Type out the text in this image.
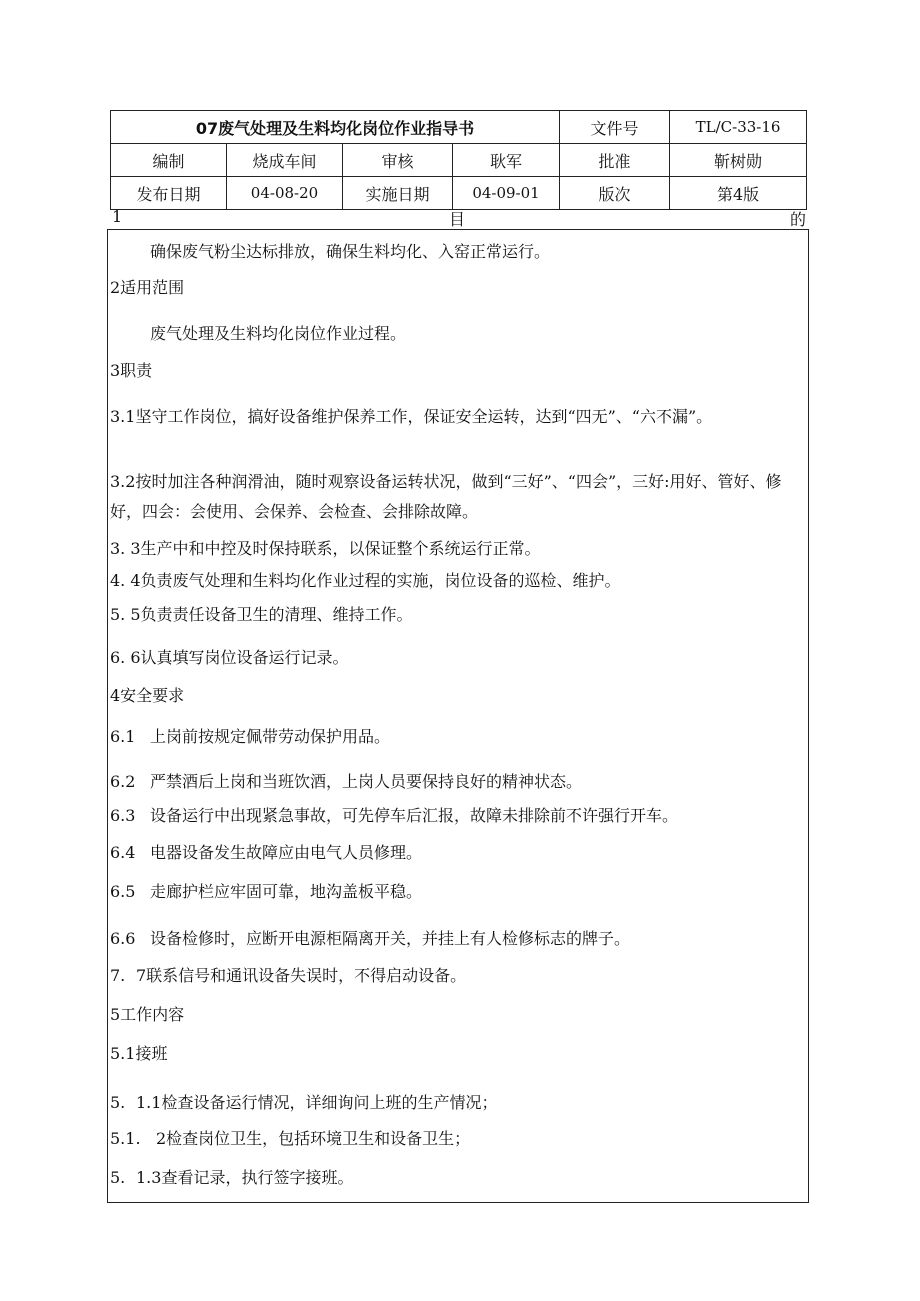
07废气处理及生料均化岗位作业指导书				文件号	TL/C-33-16
编制	烧成车间	审核	耿军	批准	靳树勋
发布日期	04-08-20	实施日期	04-09-01	版次	第4版
1	目	的
确保废气粉尘达标排放，确保生料均化、入窑正常运行。
2适用范围
废气处理及生料均化岗位作业过程。
3职责
3.1坚守工作岗位，搞好设备维护保养工作，保证安全运转，达到“四无”、“六不漏”。
3.2按时加注各种润滑油，随时观察设备运转状况，做到“三好”、“四会”，三好:用好、管好、修好，四会：会使用、会保养、会检查、会排除故障。
3. 3生产中和中控及时保持联系，以保证整个系统运行正常。
4. 4负责废气处理和生料均化作业过程的实施，岗位设备的巡检、维护。
5. 5负责责任设备卫生的清理、维持工作。
6. 6认真填写岗位设备运行记录。
4安全要求
6.1 上岗前按规定佩带劳动保护用品。
6.2 严禁酒后上岗和当班饮酒，上岗人员要保持良好的精神状态。
6.3 设备运行中出现紧急事故，可先停车后汇报，故障未排除前不许强行开车。
6.4 电器设备发生故障应由电气人员修理。
6.5 走廊护栏应牢固可靠，地沟盖板平稳。
6.6 设备检修时，应断开电源柜隔离开关，并挂上有人检修标志的牌子。
7. 7联系信号和通讯设备失误时，不得启动设备。
5工作内容
5.1接班
5. 1.1检查设备运行情况，详细询问上班的生产情况；
5.1. 2检查岗位卫生，包括环境卫生和设备卫生；
5. 1.3查看记录，执行签字接班。
